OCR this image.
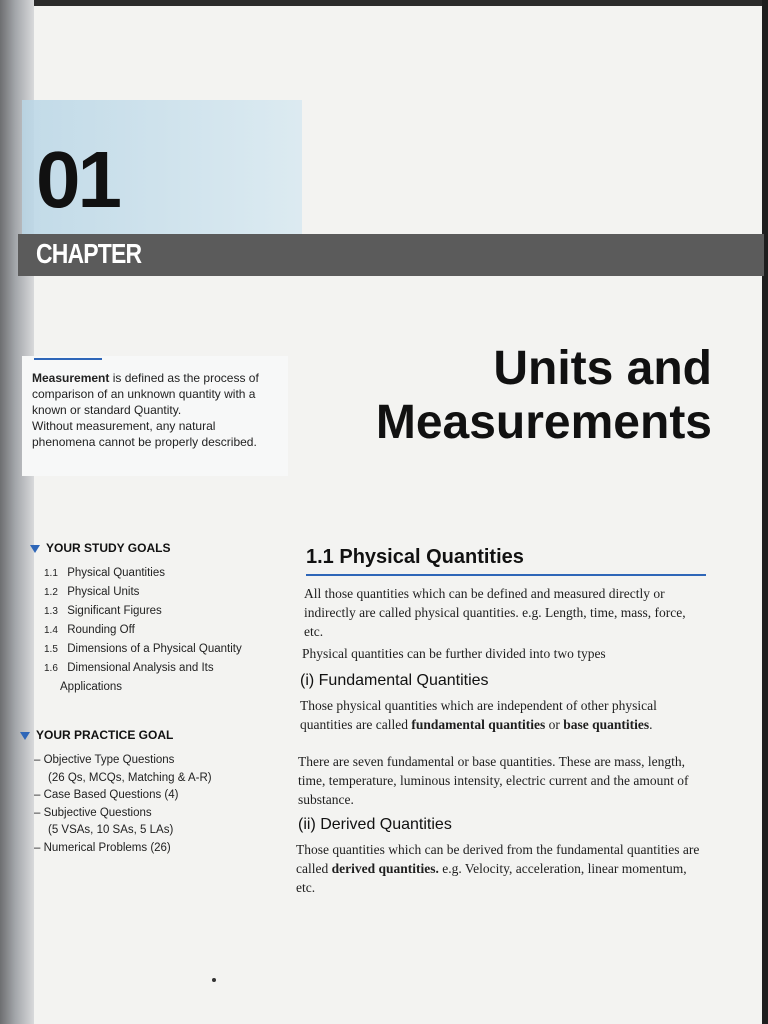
01
CHAPTER
Measurement is defined as the process of comparison of an unknown quantity with a known or standard Quantity.
Without measurement, any natural phenomena cannot be properly described.
Units and
Measurements
YOUR STUDY GOALS
1.1 Physical Quantities
1.2 Physical Units
1.3 Significant Figures
1.4 Rounding Off
1.5 Dimensions of a Physical Quantity
1.6 Dimensional Analysis and Its
Applications
YOUR PRACTICE GOAL
– Objective Type Questions
(26 Qs, MCQs, Matching & A-R)
– Case Based Questions (4)
– Subjective Questions
(5 VSAs, 10 SAs, 5 LAs)
– Numerical Problems (26)
1.1 Physical Quantities
All those quantities which can be defined and measured directly or indirectly are called physical quantities. e.g. Length, time, mass, force, etc.
Physical quantities can be further divided into two types
(i) Fundamental Quantities
Those physical quantities which are independent of other physical quantities are called fundamental quantities or base quantities.
There are seven fundamental or base quantities. These are mass, length, time, temperature, luminous intensity, electric current and the amount of substance.
(ii) Derived Quantities
Those quantities which can be derived from the fundamental quantities are called derived quantities. e.g. Velocity, acceleration, linear momentum, etc.
